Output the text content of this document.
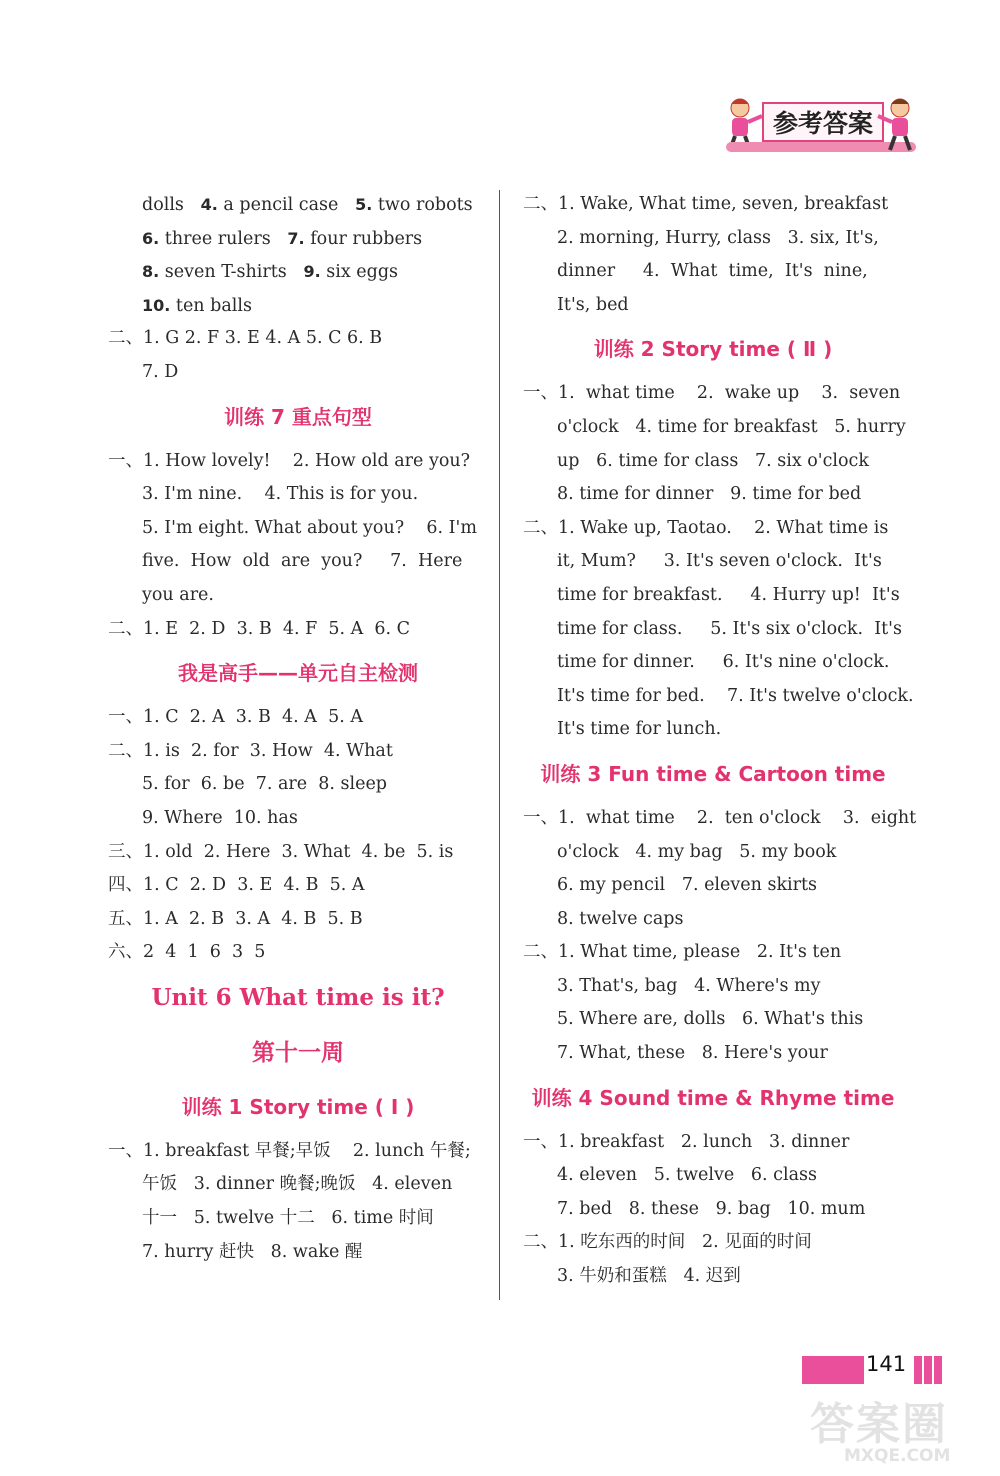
参考答案
dolls 4. a pencil case 5. two robots
6. three rulers 7. four rubbers
8. seven T-shirts 9. six eggs
10. ten balls
二、1. G 2. F 3. E 4. A 5. C 6. B
7. D
训练 7 重点句型
一、1. How lovely!    2. How old are you?
3. I'm nine.    4. This is for you.
5. I'm eight. What about you?    6. I'm
five.  How  old  are  you?     7.  Here
you are.
二、1. E  2. D  3. B  4. F  5. A  6. C
我是高手——单元自主检测
一、1. C  2. A  3. B  4. A  5. A
二、1. is  2. for  3. How  4. What
5. for  6. be  7. are  8. sleep
9. Where  10. has
三、1. old  2. Here  3. What  4. be  5. is
四、1. C  2. D  3. E  4. B  5. A
五、1. A  2. B  3. A  4. B  5. B
六、2  4  1  6  3  5
Unit 6 What time is it?
第十一周
训练 1 Story time ( Ⅰ )
一、1. breakfast 早餐;早饭    2. lunch 午餐;
午饭   3. dinner 晚餐;晚饭   4. eleven
十一   5. twelve 十二   6. time 时间
7. hurry 赶快   8. wake 醒
二、1. Wake, What time, seven, breakfast
2. morning, Hurry, class   3. six, It's,
dinner     4.  What  time,  It's  nine,
It's, bed
训练 2 Story time ( Ⅱ )
一、1.  what time    2.  wake up    3.  seven
o'clock   4. time for breakfast   5. hurry
up   6. time for class   7. six o'clock
8. time for dinner   9. time for bed
二、1. Wake up, Taotao.    2. What time is
it, Mum?     3. It's seven o'clock.  It's
time for breakfast.     4. Hurry up!  It's
time for class.     5. It's six o'clock.  It's
time for dinner.     6. It's nine o'clock.
It's time for bed.    7. It's twelve o'clock.
It's time for lunch.
训练 3 Fun time & Cartoon time
一、1.  what time    2.  ten o'clock    3.  eight
o'clock   4. my bag   5. my book
6. my pencil   7. eleven skirts
8. twelve caps
二、1. What time, please   2. It's ten
3. That's, bag   4. Where's my
5. Where are, dolls   6. What's this
7. What, these   8. Here's your
训练 4 Sound time & Rhyme time
一、1. breakfast   2. lunch   3. dinner
4. eleven   5. twelve   6. class
7. bed   8. these   9. bag   10. mum
二、1. 吃东西的时间   2. 见面的时间
3. 牛奶和蛋糕   4. 迟到
141
答案圈
MXQE.COM
